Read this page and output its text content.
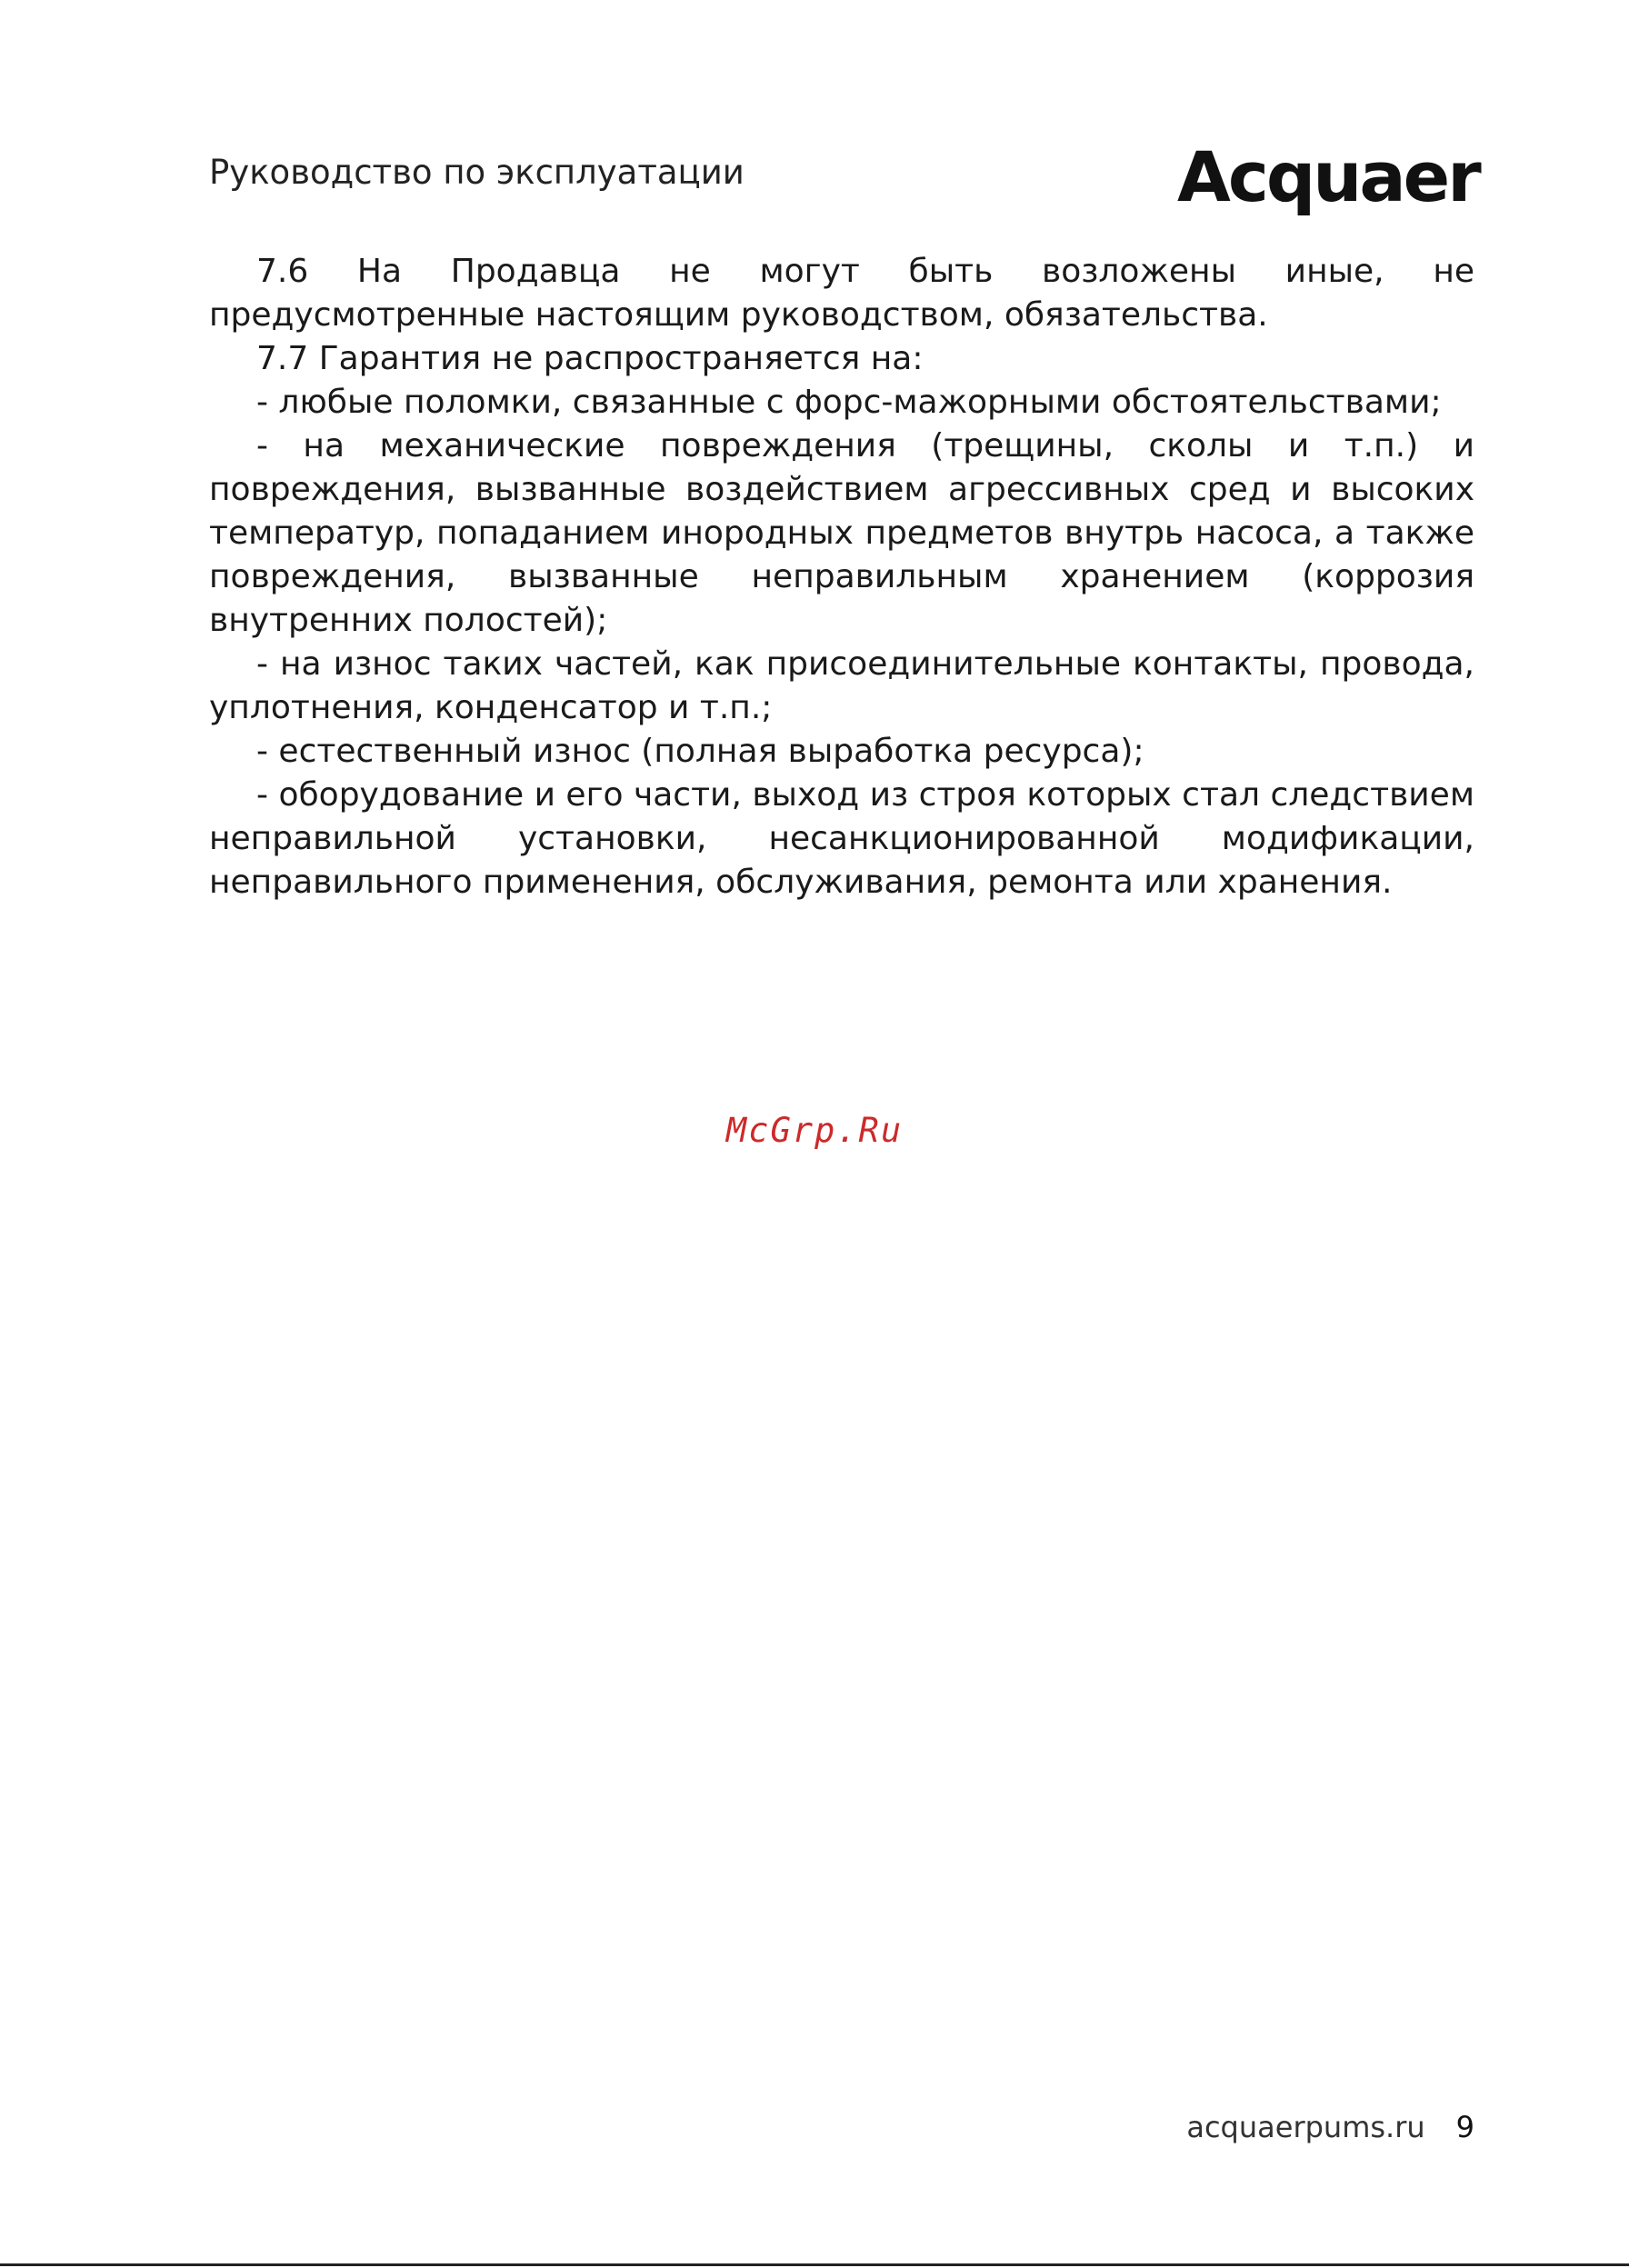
Руководство по эксплуатации	Acquaer

7.6 На Продавца не могут быть возложены иные, не предусмотренные настоящим руководством, обязательства.

7.7 Гарантия не распространяется на:

- любые поломки, связанные с форс-мажорными обстоятельствами;

- на механические повреждения (трещины, сколы и т.п.) и повреждения, вызванные воздействием агрессивных сред и высоких температур, попаданием инородных предметов внутрь насоса, а также повреждения, вызванные неправильным хранением (коррозия внутренних полостей);

- на износ таких частей, как присоединительные контакты, провода, уплотнения, конденсатор и т.п.;

- естественный износ (полная выработка ресурса);

- оборудование и его части, выход из строя которых стал следствием неправильной установки, несанкционированной модификации, неправильного применения, обслуживания, ремонта или хранения.

McGrp.Ru
acquaerpums.ru 9
